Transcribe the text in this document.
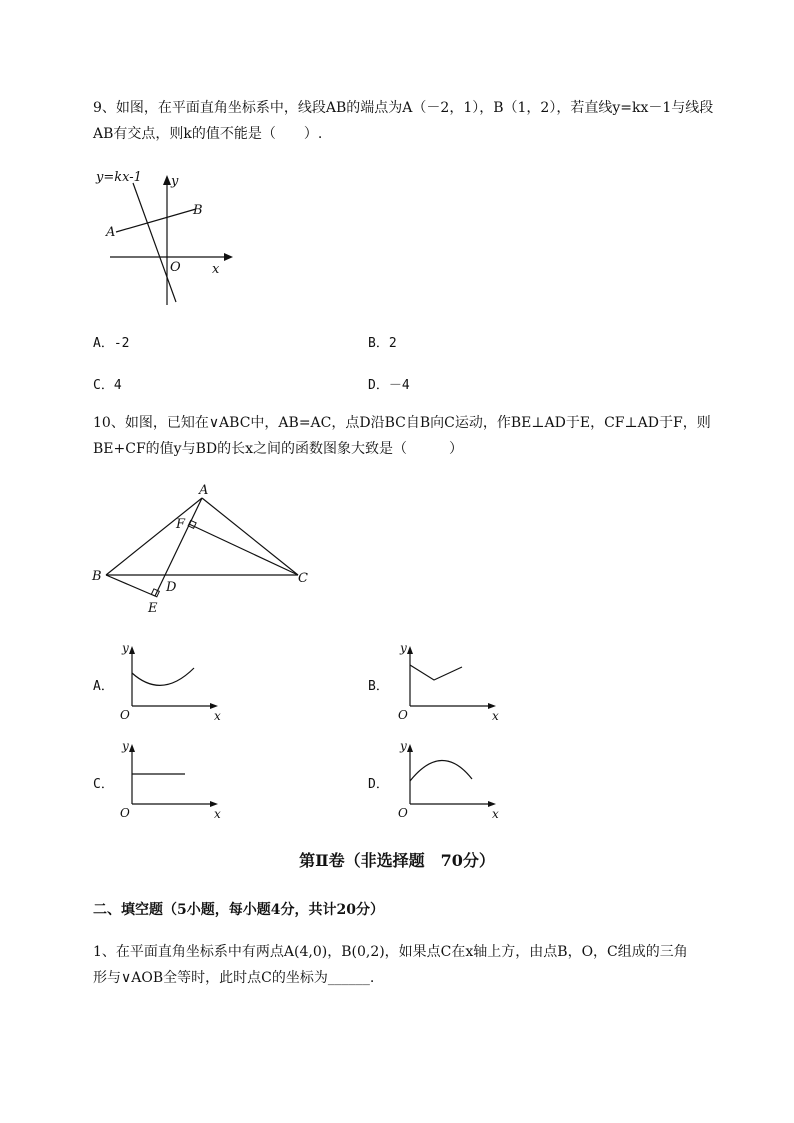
9、如图，在平面直角坐标系中，线段AB的端点为A（－2，1），B（1，2），若直线y=kx－1与线段
AB有交点，则k的值不能是（　　）.
y=kx-1 y
x
A
B
O
A．-2	B．2
C．4	D．－4
10、如图，已知在∨ABC中，AB=AC，点D沿BC自B向C运动，作BE⊥AD于E，CF⊥AD于F，则
BE+CF的值y与BD的长x之间的函数图象大致是（　　　）
A
B	C
D
E
F
A．
y
x
O
B．
y
x
O
C．
y
x
O
D．
y
x
O
第Ⅱ卷（非选择题　70分）
二、填空题（5小题，每小题4分，共计20分）
1、在平面直角坐标系中有两点A(4,0)，B(0,2)，如果点C在x轴上方，由点B，O，C组成的三角
形与∨AOB全等时，此时点C的坐标为______.
